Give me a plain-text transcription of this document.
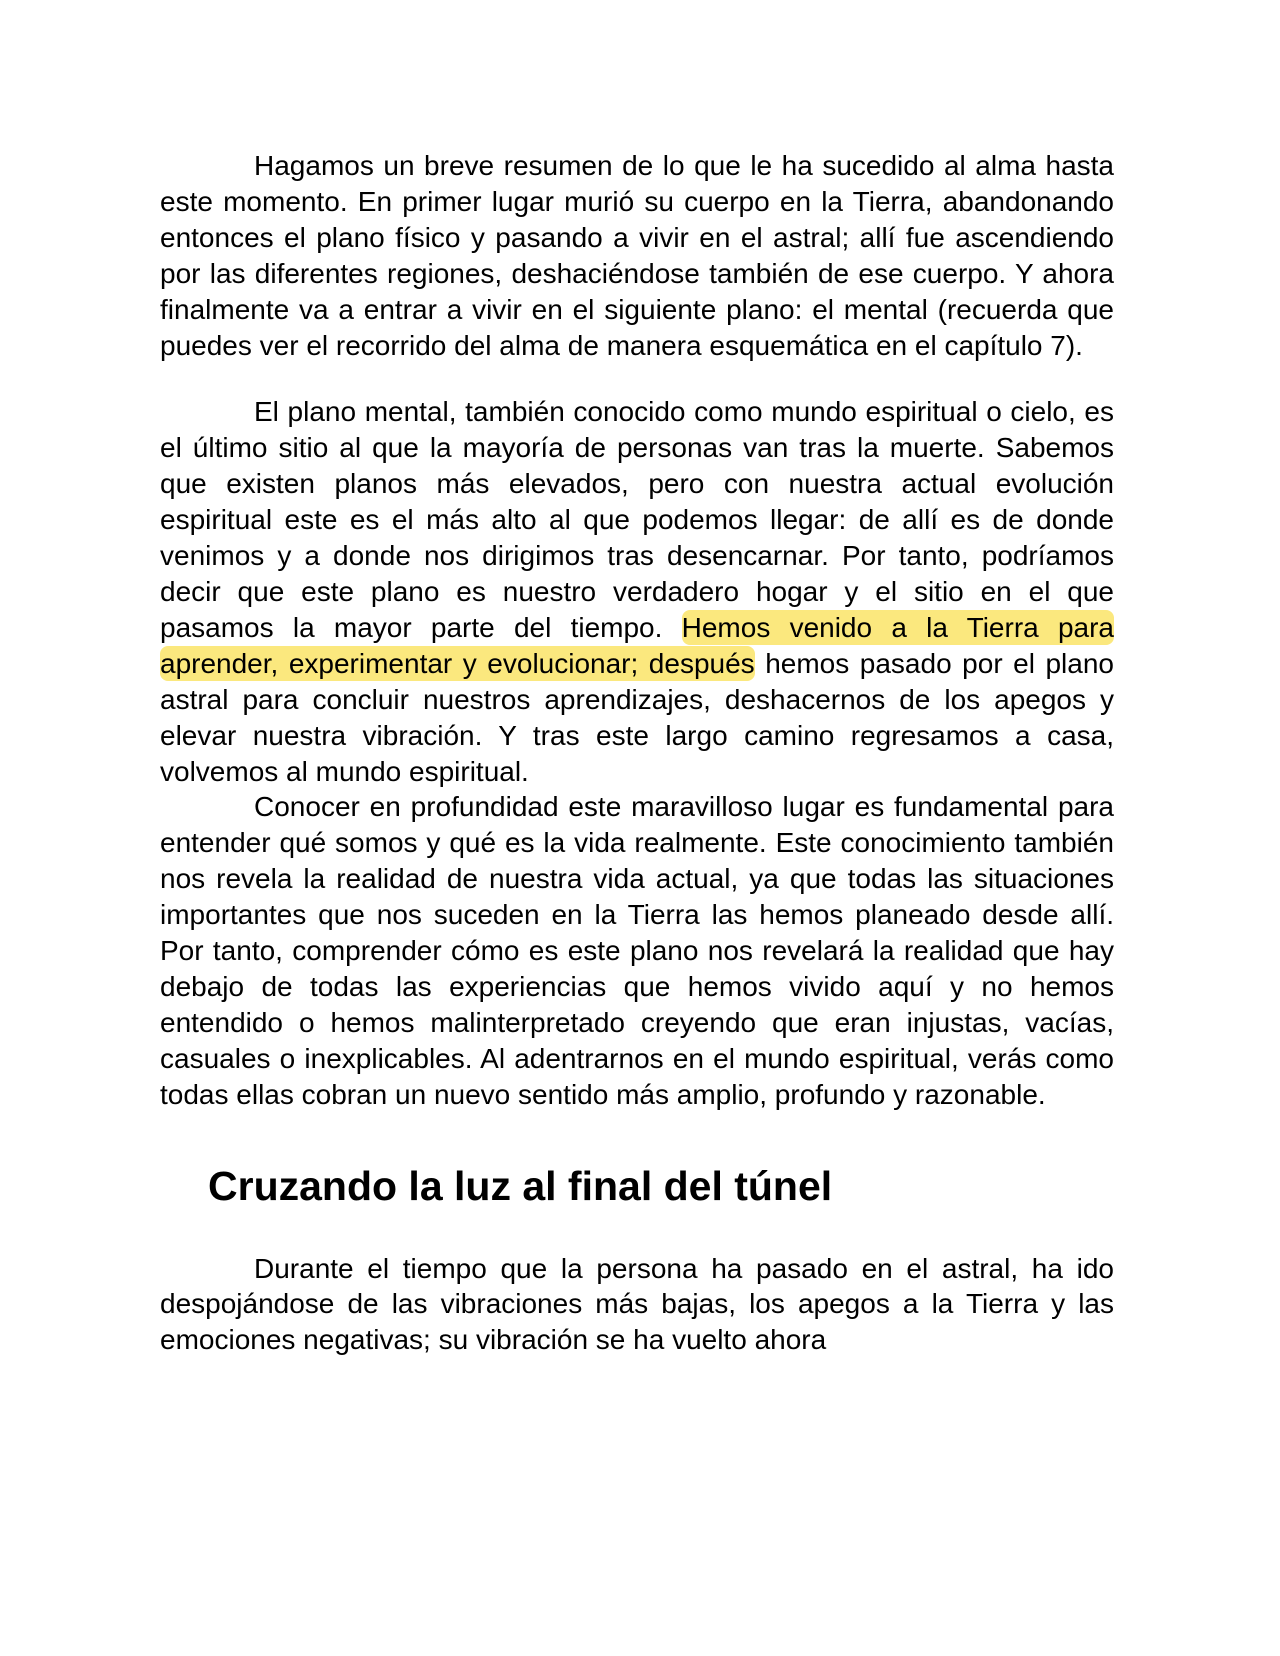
Hagamos un breve resumen de lo que le ha sucedido al alma hasta este momento. En primer lugar murió su cuerpo en la Tierra, abandonando entonces el plano físico y pasando a vivir en el astral; allí fue ascendiendo por las diferentes regiones, deshaciéndose también de ese cuerpo. Y ahora finalmente va a entrar a vivir en el siguiente plano: el mental (recuerda que puedes ver el recorrido del alma de manera esquemática en el capítulo 7).

El plano mental, también conocido como mundo espiritual o cielo, es el último sitio al que la mayoría de personas van tras la muerte. Sabemos que existen planos más elevados, pero con nuestra actual evolución espiritual este es el más alto al que podemos llegar: de allí es de donde venimos y a donde nos dirigimos tras desencarnar. Por tanto, podríamos decir que este plano es nuestro verdadero hogar y el sitio en el que pasamos la mayor parte del tiempo. Hemos venido a la Tierra para aprender, experimentar y evolucionar; después hemos pasado por el plano astral para concluir nuestros aprendizajes, deshacernos de los apegos y elevar nuestra vibración. Y tras este largo camino regresamos a casa, volvemos al mundo espiritual.

Conocer en profundidad este maravilloso lugar es fundamental para entender qué somos y qué es la vida realmente. Este conocimiento también nos revela la realidad de nuestra vida actual, ya que todas las situaciones importantes que nos suceden en la Tierra las hemos planeado desde allí. Por tanto, comprender cómo es este plano nos revelará la realidad que hay debajo de todas las experiencias que hemos vivido aquí y no hemos entendido o hemos malinterpretado creyendo que eran injustas, vacías, casuales o inexplicables. Al adentrarnos en el mundo espiritual, verás como todas ellas cobran un nuevo sentido más amplio, profundo y razonable.

Cruzando la luz al final del túnel

Durante el tiempo que la persona ha pasado en el astral, ha ido despojándose de las vibraciones más bajas, los apegos a la Tierra y las emociones negativas; su vibración se ha vuelto ahora
